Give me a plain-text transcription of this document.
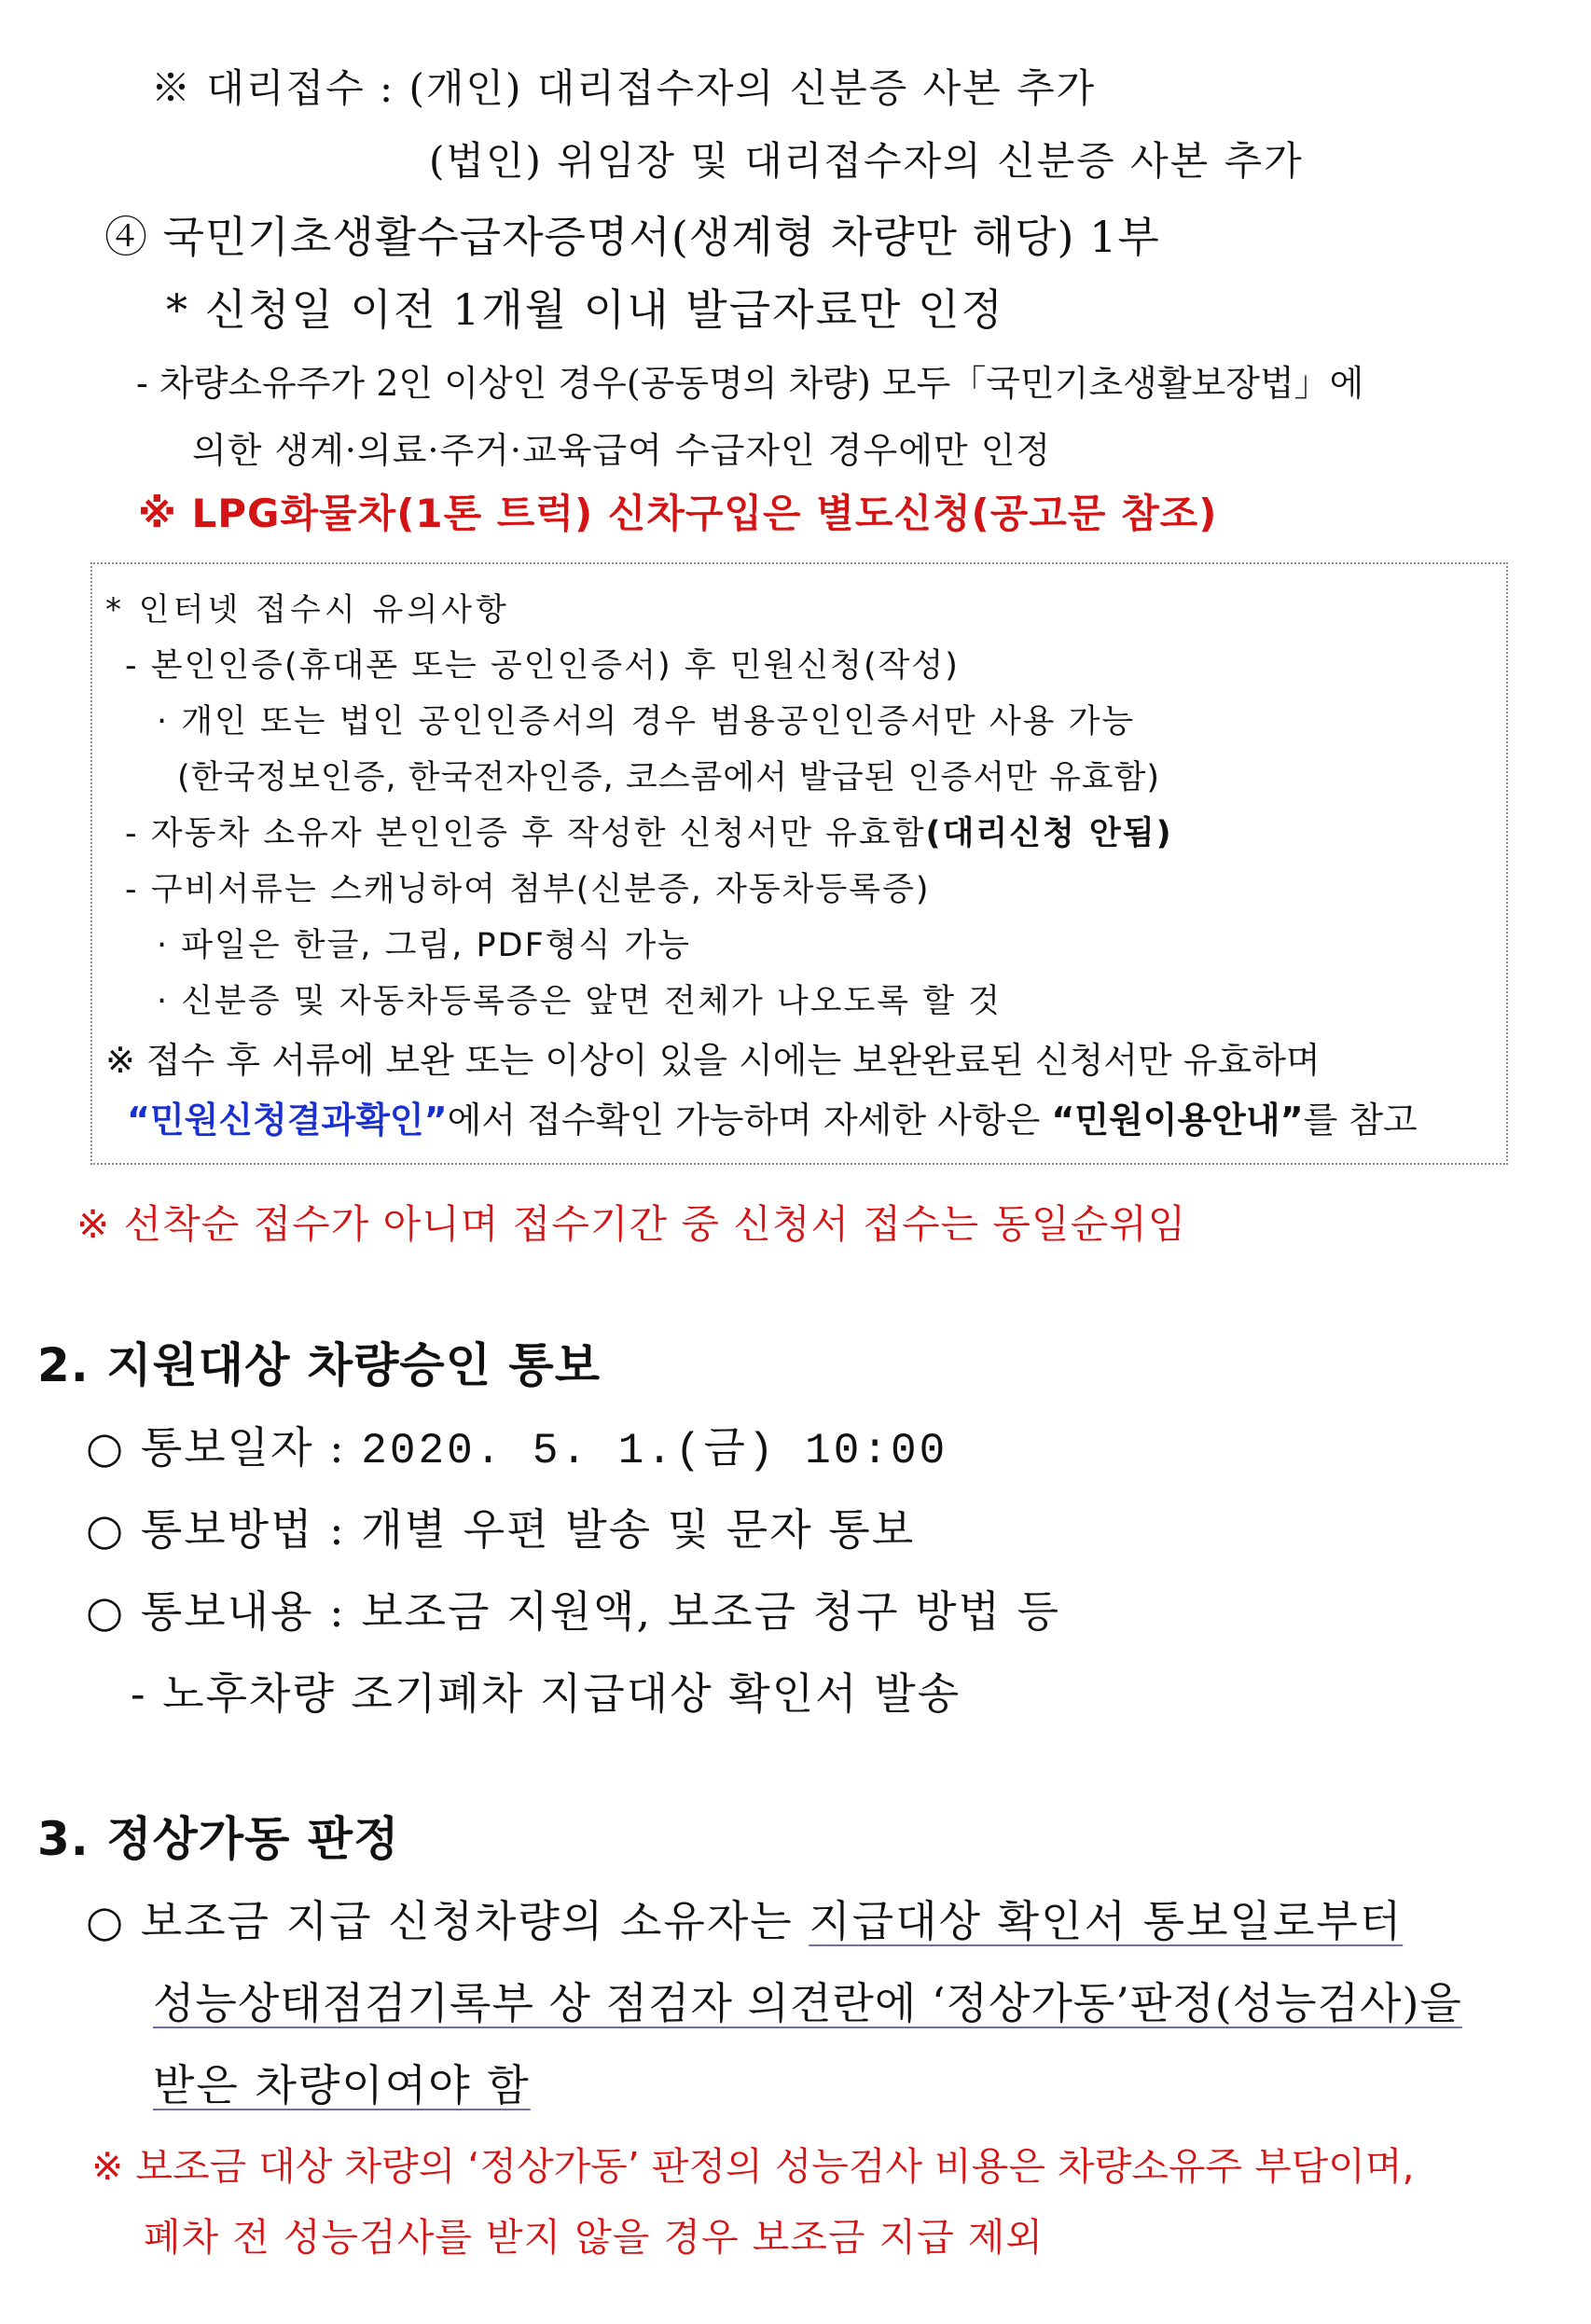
※ 대리접수 : (개인) 대리접수자의 신분증 사본 추가
(법인) 위임장 및 대리접수자의 신분증 사본 추가
④ 국민기초생활수급자증명서(생계형 차량만 해당) 1부
* 신청일 이전 1개월 이내 발급자료만 인정
- 차량소유주가 2인 이상인 경우(공동명의 차량) 모두「국민기초생활보장법」에
의한 생계·의료·주거·교육급여 수급자인 경우에만 인정
※ LPG화물차(1톤 트럭) 신차구입은 별도신청(공고문 참조)
* 인터넷 접수시 유의사항
- 본인인증(휴대폰 또는 공인인증서) 후 민원신청(작성)
· 개인 또는 법인 공인인증서의 경우 범용공인인증서만 사용 가능
(한국정보인증, 한국전자인증, 코스콤에서 발급된 인증서만 유효함)
- 자동차 소유자 본인인증 후 작성한 신청서만 유효함(대리신청 안됨)
- 구비서류는 스캐닝하여 첨부(신분증, 자동차등록증)
· 파일은 한글, 그림, PDF형식 가능
· 신분증 및 자동차등록증은 앞면 전체가 나오도록 할 것
※ 접수 후 서류에 보완 또는 이상이 있을 시에는 보완완료된 신청서만 유효하며
“민원신청결과확인”에서 접수확인 가능하며 자세한 사항은 “민원이용안내”를 참고
※ 선착순 접수가 아니며 접수기간 중 신청서 접수는 동일순위임
2. 지원대상 차량승인 통보
○ 통보일자 : 2020. 5. 1.(금) 10:00
○ 통보방법 : 개별 우편 발송 및 문자 통보
○ 통보내용 : 보조금 지원액, 보조금 청구 방법 등
- 노후차량 조기폐차 지급대상 확인서 발송
3. 정상가동 판정
○ 보조금 지급 신청차량의 소유자는 지급대상 확인서 통보일로부터
성능상태점검기록부 상 점검자 의견란에 ‘정상가동’판정(성능검사)을
받은 차량이여야 함
※ 보조금 대상 차량의 ‘정상가동’ 판정의 성능검사 비용은 차량소유주 부담이며,
폐차 전 성능검사를 받지 않을 경우 보조금 지급 제외
